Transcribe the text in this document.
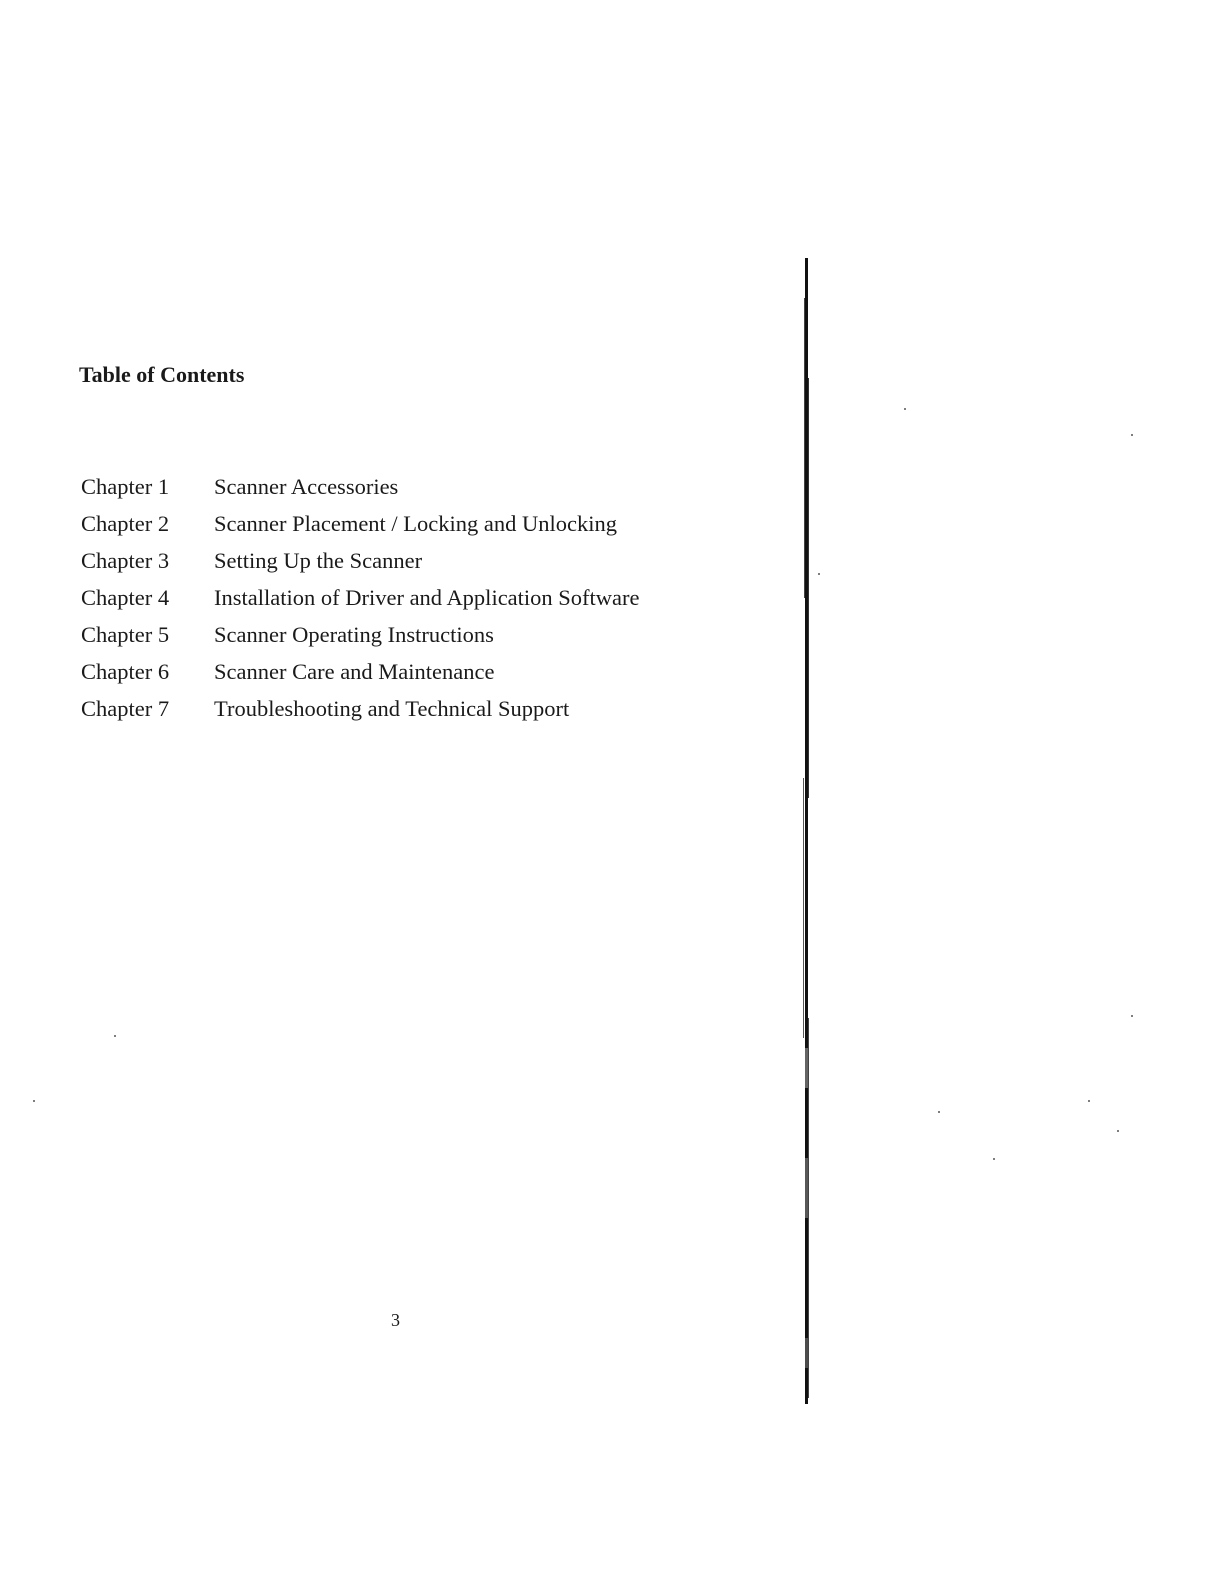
Table of Contents
Chapter 1	Scanner Accessories
Chapter 2	Scanner Placement / Locking and Unlocking
Chapter 3	Setting Up the Scanner
Chapter 4	Installation of Driver and Application Software
Chapter 5	Scanner Operating Instructions
Chapter 6	Scanner Care and Maintenance
Chapter 7	Troubleshooting and Technical Support
3
